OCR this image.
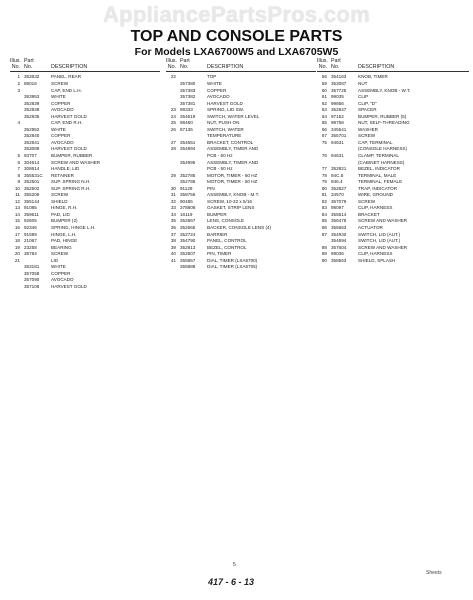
AppliancePartsPros.com
TOP AND CONSOLE PARTS
For Models LXA6700W5 and LXA6705W5
Illus. Part
No. No.	DESCRIPTION
1 353632	PANEL, REAR
2 88016	SCREW
3	CAP, END L.H.
353953	WHITE
352839	COPPER
352838	AVOCADO
352835	HARVEST GOLD
4	CAP, END R.H.
352952	WHITE
352840	COPPER
352841	AVOCADO
353089	HARVEST GOLD
5 93707	BUMPER, RUBBER
6 304614	SCREW AND WASHER
7 308614	HANDLE, LID
8 355531C	RETAINER
9 352501	SUP. SPRING N.H.
10 352502	SUP. SPRING R.H.
11 355209	SCREW
12 355144	SHIELD
13 91085	HINGE, R.H.
14 359611	PAD, LID
15 92605	BUMPER (2)
16 92346	SPRING, HINGE L.H.
17 91599	HINGE, L.H.
18 21067	PAD, HINGE
19 23258	BEARING
20 35784	SCREW
21	LID
353181	WHITE
357058	COPPER
357090	AVOCADO
357106	HARVEST GOLD
Illus. Part
No. No.	DESCRIPTION
22	TOP
357380	WHITE
357383	COPPER
357382	AVOCADO
357381	HARVEST GOLD
23 99333	SPRING, LID SW.
24 354619	SWITCH, WATER LEVEL
25 98460	NUT, PUSH ON
26 87135	SWITCH, WATER
TEMPERATURE
27 354651	BRACKET, CONTROL
28 354994	ASSEMBLY, TIMER AND
PCB - 60 Hz
354995	ASSEMBLY, TIMER AND
PCB - 50 Hz
29 352785	MOTOR, TIMER - 60 HZ
352786	MOTOR, TIMER - 50 HZ
30 91129	PIN
31 358756	ASSEMBLY, KNOB - M.T.
32 90485	SCREW, 10-32 x 5/16
33 378806	GASKET, STRIP LENS
34 16119	BUMPER
35 352667	LENS, CONSOLE
36 352665	BACKER, CONSOLE LENS (4)
37 352724	BARRIER
38 354790	PANEL, CONTROL
39 352813	BEZEL, CONTROL
40 352807	PIN, TIMER
41 355857	DIAL, TIMER (LXA6700)
355888	DIAL, TIMER (LXA6705)
Illus. Part
No. No.	DESCRIPTION
56 354163	KNOB, TIMER
59 353087	NUT
60 357725	ASSEMBLY, KNOB - W.T.
61 99035	CLIP
62 99856	CLIP, "D"
63 352847	SPACER
64 97152	BUMPER, RUBBER (5)
65 98758	NUT, SELF-THREADING
66 345541	WASHER
67 355701	SCREW
75 94631	CAP, TERMINAL
(CONSOLE HARNESS)
76 94631	CLAMP, TERMINAL
(CABINET HARNESS)
77 352821	BEZEL, INDICATOR
78 94C.5	TERMINAL, MALE
79 946.4	TERMINAL, FEMALE
80 352827	TRAP, INDICATOR
81 34570	WIRE, GROUND
82 357079	SCREW
83 98097	CLIP, HARNESS
84 355514	BRACKET
85 356475	SCREW AND WASHER
86 355663	ACTUATOR
87 354930	SWITCH, LID (AUT.)
354694	SWITCH, LID (AUT.)
88 357604	SCREW AND WASHER
89 99036	CLIP, HARNESS
90 358563	SHIELD, SPLASH
5
417 - 6 - 13
Sheets
